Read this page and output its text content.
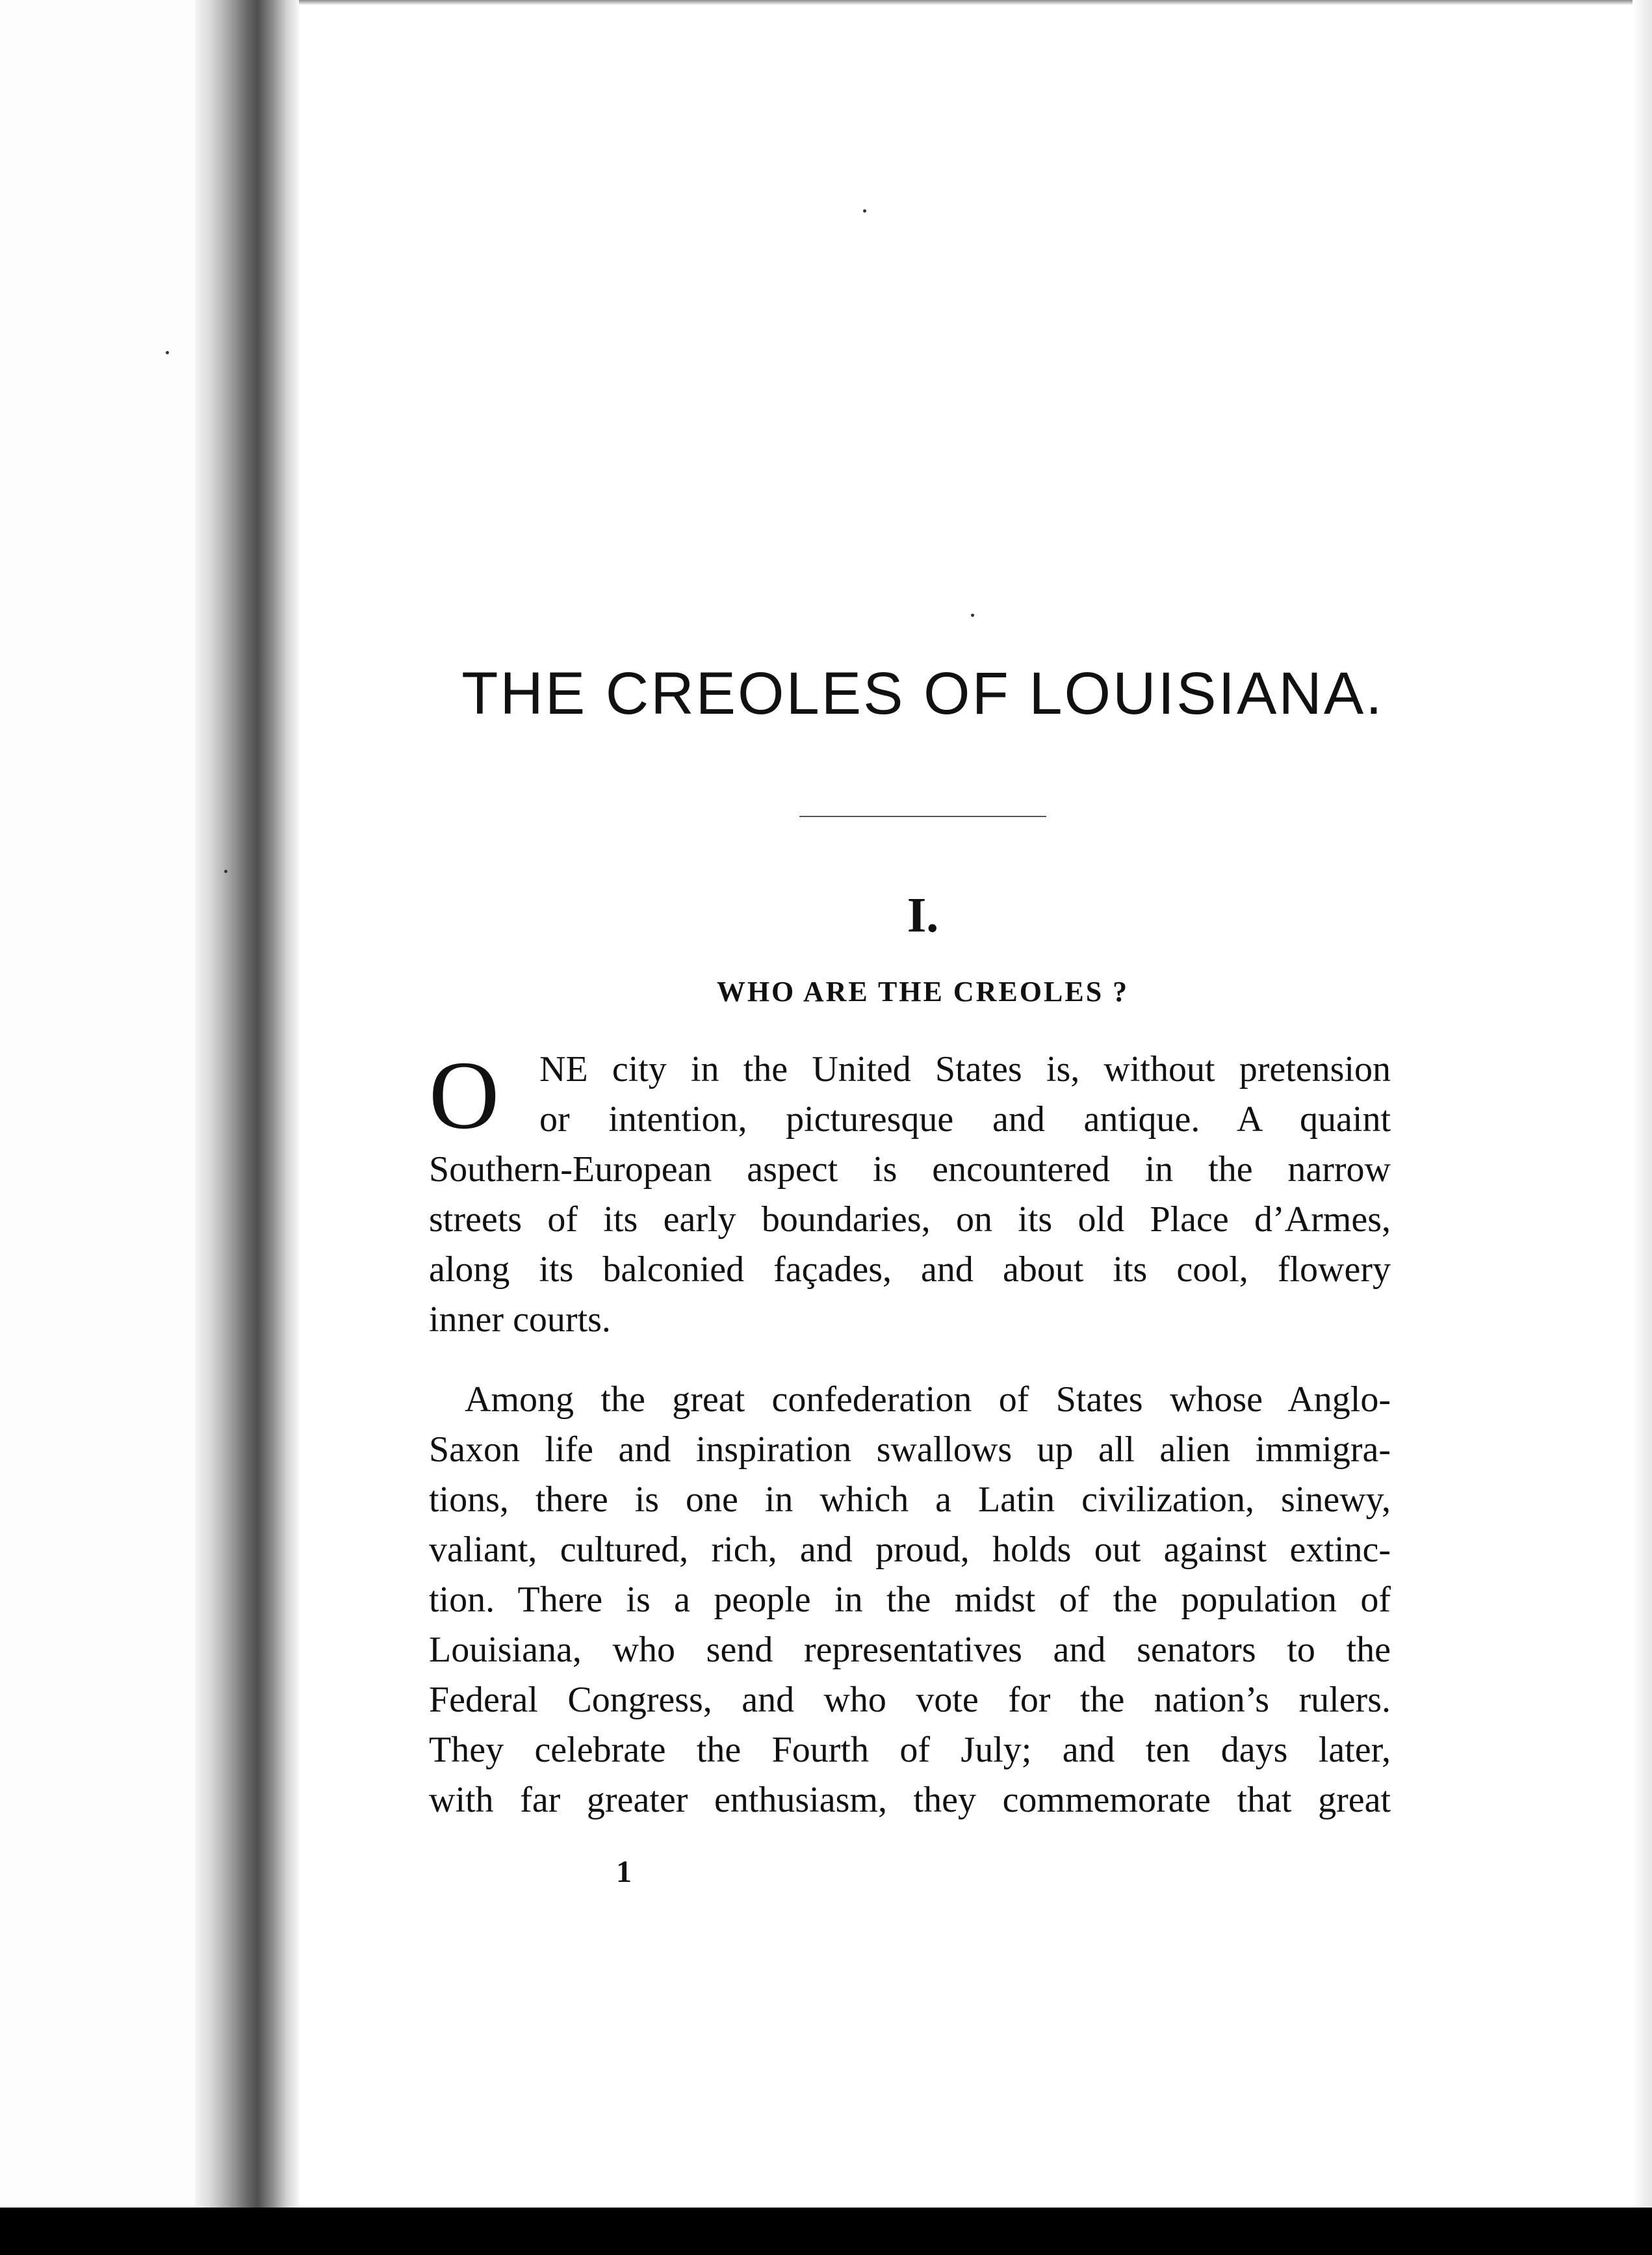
THE CREOLES OF LOUISIANA.
I.
WHO ARE THE CREOLES ?
O NE city in the United States is, without pretension
or intention, picturesque and antique. A quaint
Southern-European aspect is encountered in the narrow
streets of its early boundaries, on its old Place d’Armes,
along its balconied façades, and about its cool, flowery
inner courts.
Among the great confederation of States whose Anglo-
Saxon life and inspiration swallows up all alien immigra-
tions, there is one in which a Latin civilization, sinewy,
valiant, cultured, rich, and proud, holds out against extinc-
tion. There is a people in the midst of the population of
Louisiana, who send representatives and senators to the
Federal Congress, and who vote for the nation’s rulers.
They celebrate the Fourth of July; and ten days later,
with far greater enthusiasm, they commemorate that great
1
